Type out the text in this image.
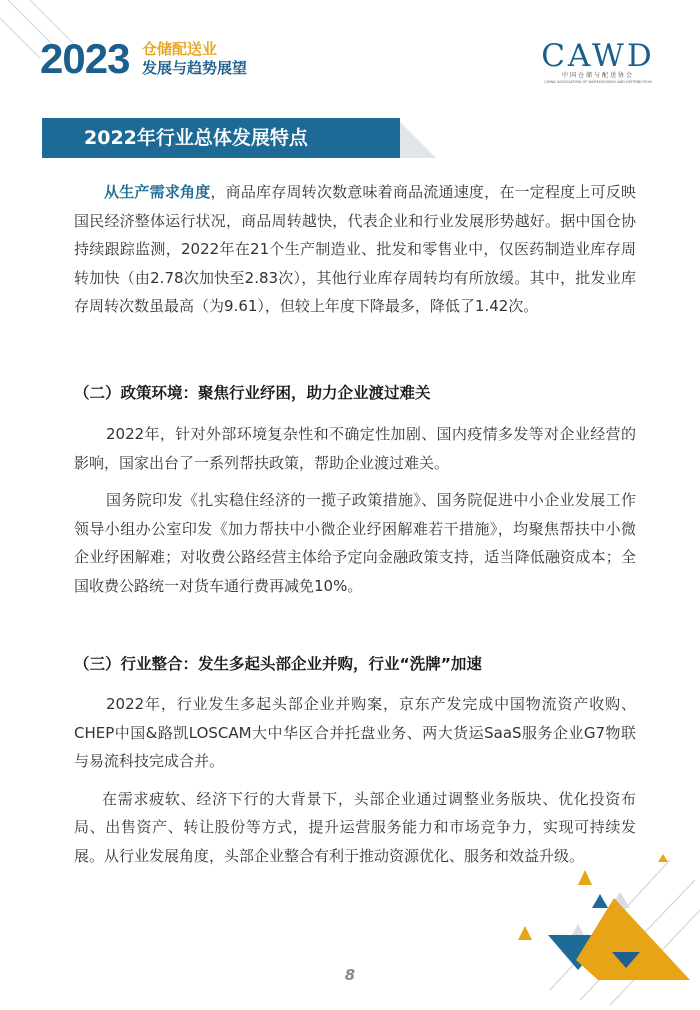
2023 仓储配送业
发展与趋势展望	CAWD
中国仓储与配送协会
CHINA ASSOCIATION OF WAREHOUSING AND DISTRIBUTION
2022年行业总体发展特点

从生产需求角度，商品库存周转次数意味着商品流通速度，在一定程度上可反映国民经济整体运行状况，商品周转越快，代表企业和行业发展形势越好。据中国仓协持续跟踪监测，2022年在21个生产制造业、批发和零售业中，仅医药制造业库存周转加快（由2.78次加快至2.83次），其他行业库存周转均有所放缓。其中，批发业库存周转次数虽最高（为9.61），但较上年度下降最多，降低了1.42次。

（二）政策环境：聚焦行业纾困，助力企业渡过难关

2022年，针对外部环境复杂性和不确定性加剧、国内疫情多发等对企业经营的影响，国家出台了一系列帮扶政策，帮助企业渡过难关。

国务院印发《扎实稳住经济的一揽子政策措施》、国务院促进中小企业发展工作领导小组办公室印发《加力帮扶中小微企业纾困解难若干措施》，均聚焦帮扶中小微企业纾困解难；对收费公路经营主体给予定向金融政策支持，适当降低融资成本；全国收费公路统一对货车通行费再减免10%。

（三）行业整合：发生多起头部企业并购，行业“洗牌”加速

2022年，行业发生多起头部企业并购案，京东产发完成中国物流资产收购、CHEP中国&路凯LOSCAM大中华区合并托盘业务、两大货运SaaS服务企业G7物联与易流科技完成合并。

在需求疲软、经济下行的大背景下，头部企业通过调整业务版块、优化投资布局、出售资产、转让股份等方式，提升运营服务能力和市场竞争力，实现可持续发展。从行业发展角度，头部企业整合有利于推动资源优化、服务和效益升级。

8
